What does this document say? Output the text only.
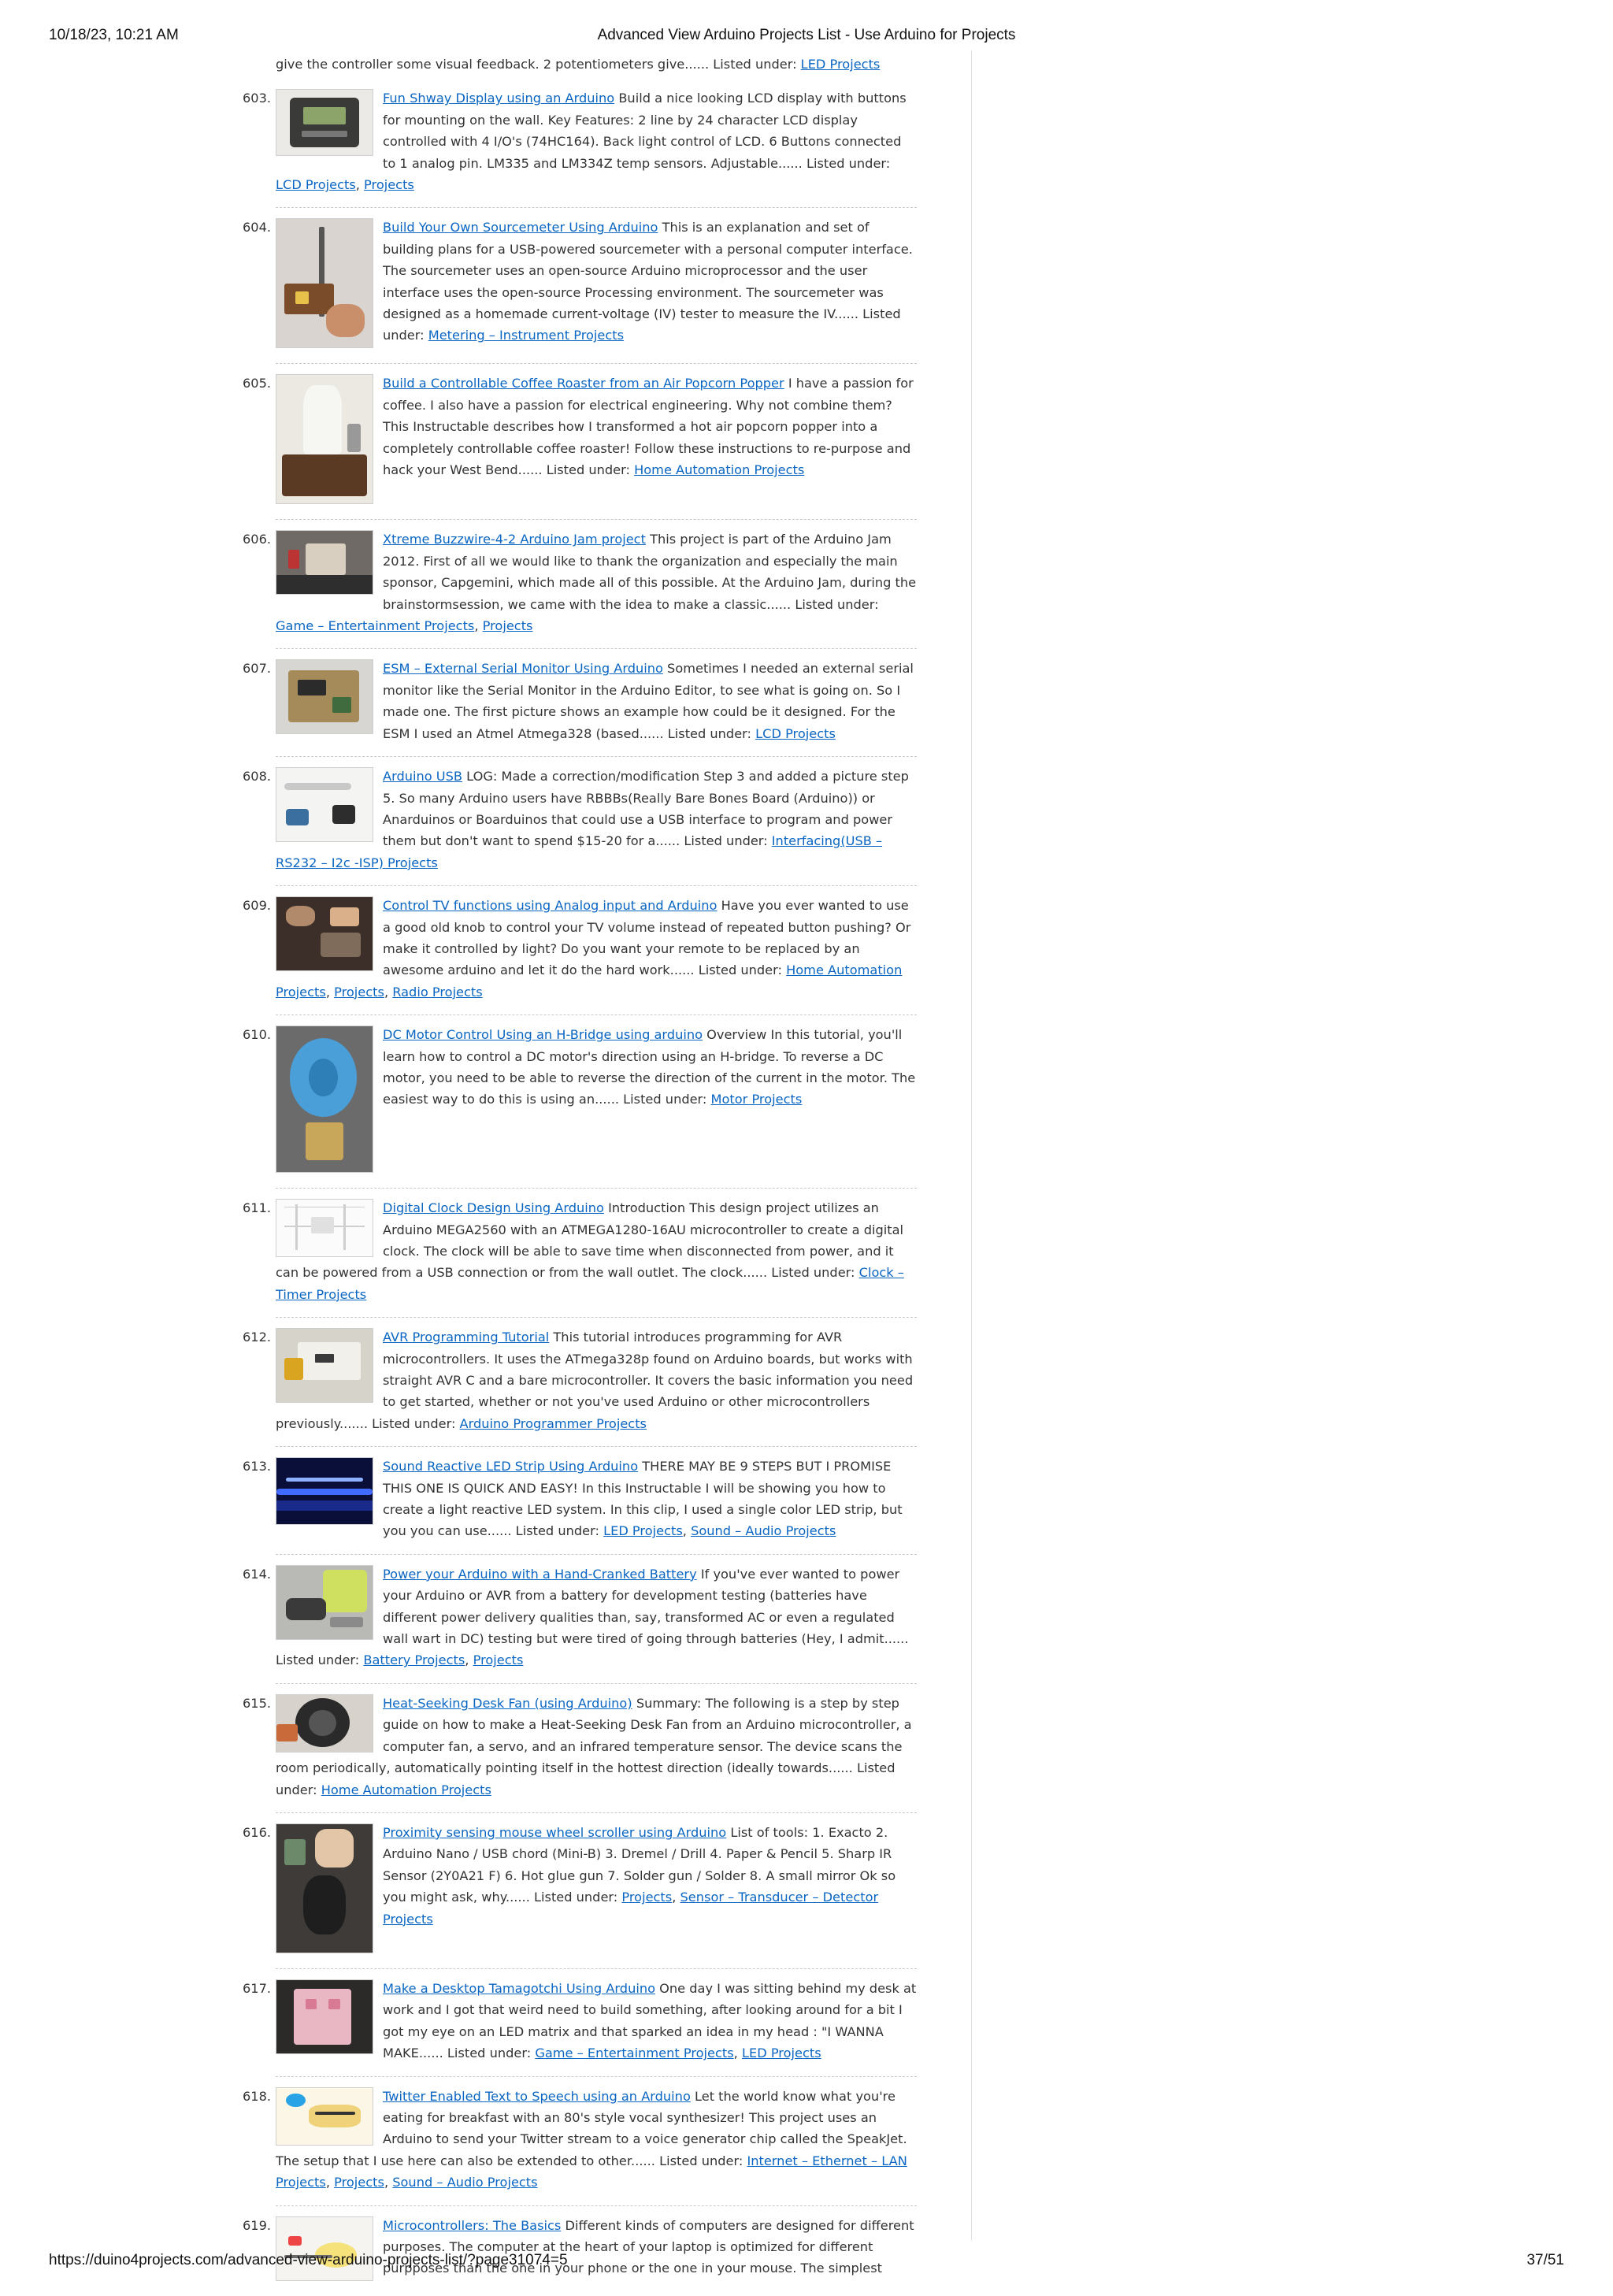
10/18/23, 10:21 AM	Advanced View Arduino Projects List - Use Arduino for Projects
give the controller some visual feedback. 2 potentiometers give...... Listed under: LED Projects
603.	Fun Shway Display using an Arduino Build a nice looking LCD display with buttons for mounting on the wall. Key Features: 2 line by 24 character LCD display controlled with 4 I/O's (74HC164). Back light control of LCD. 6 Buttons connected to 1 analog pin. LM335 and LM334Z temp sensors. Adjustable...... Listed under: LCD Projects, Projects
604.	Build Your Own Sourcemeter Using Arduino This is an explanation and set of building plans for a USB-powered sourcemeter with a personal computer interface. The sourcemeter uses an open-source Arduino microprocessor and the user interface uses the open-source Processing environment. The sourcemeter was designed as a homemade current-voltage (IV) tester to measure the IV...... Listed under: Metering – Instrument Projects
605.	Build a Controllable Coffee Roaster from an Air Popcorn Popper I have a passion for coffee. I also have a passion for electrical engineering. Why not combine them? This Instructable describes how I transformed a hot air popcorn popper into a completely controllable coffee roaster! Follow these instructions to re-purpose and hack your West Bend...... Listed under: Home Automation Projects
606.	Xtreme Buzzwire-4-2 Arduino Jam project This project is part of the Arduino Jam 2012. First of all we would like to thank the organization and especially the main sponsor, Capgemini, which made all of this possible. At the Arduino Jam, during the brainstormsession, we came with the idea to make a classic...... Listed under: Game – Entertainment Projects, Projects
607.	ESM – External Serial Monitor Using Arduino Sometimes I needed an external serial monitor like the Serial Monitor in the Arduino Editor, to see what is going on. So I made one. The first picture shows an example how could be it designed. For the ESM I used an Atmel Atmega328 (based...... Listed under: LCD Projects
608.	Arduino USB LOG: Made a correction/modification Step 3 and added a picture step 5. So many Arduino users have RBBBs(Really Bare Bones Board (Arduino)) or Anarduinos or Boarduinos that could use a USB interface to program and power them but don't want to spend $15-20 for a...... Listed under: Interfacing(USB – RS232 – I2c -ISP) Projects
609.	Control TV functions using Analog input and Arduino Have you ever wanted to use a good old knob to control your TV volume instead of repeated button pushing? Or make it controlled by light? Do you want your remote to be replaced by an awesome arduino and let it do the hard work...... Listed under: Home Automation Projects, Projects, Radio Projects
610.	DC Motor Control Using an H-Bridge using arduino Overview In this tutorial, you'll learn how to control a DC motor's direction using an H-bridge. To reverse a DC motor, you need to be able to reverse the direction of the current in the motor. The easiest way to do this is using an...... Listed under: Motor Projects
611.	Digital Clock Design Using Arduino Introduction This design project utilizes an Arduino MEGA2560 with an ATMEGA1280-16AU microcontroller to create a digital clock. The clock will be able to save time when disconnected from power, and it can be powered from a USB connection or from the wall outlet. The clock...... Listed under: Clock – Timer Projects
612.	AVR Programming Tutorial This tutorial introduces programming for AVR microcontrollers. It uses the ATmega328p found on Arduino boards, but works with straight AVR C and a bare microcontroller. It covers the basic information you need to get started, whether or not you've used Arduino or other microcontrollers previously....... Listed under: Arduino Programmer Projects
613.	Sound Reactive LED Strip Using Arduino THERE MAY BE 9 STEPS BUT I PROMISE THIS ONE IS QUICK AND EASY! In this Instructable I will be showing you how to create a light reactive LED system. In this clip, I used a single color LED strip, but you you can use...... Listed under: LED Projects, Sound – Audio Projects
614.	Power your Arduino with a Hand-Cranked Battery If you've ever wanted to power your Arduino or AVR from a battery for development testing (batteries have different power delivery qualities than, say, transformed AC or even a regulated wall wart in DC) testing but were tired of going through batteries (Hey, I admit...... Listed under: Battery Projects, Projects
615.	Heat-Seeking Desk Fan (using Arduino) Summary: The following is a step by step guide on how to make a Heat-Seeking Desk Fan from an Arduino microcontroller, a computer fan, a servo, and an infrared temperature sensor. The device scans the room periodically, automatically pointing itself in the hottest direction (ideally towards...... Listed under: Home Automation Projects
616.	Proximity sensing mouse wheel scroller using Arduino List of tools: 1. Exacto 2. Arduino Nano / USB chord (Mini-B) 3. Dremel / Drill 4. Paper & Pencil 5. Sharp IR Sensor (2Y0A21 F) 6. Hot glue gun 7. Solder gun / Solder 8. A small mirror Ok so you might ask, why...... Listed under: Projects, Sensor – Transducer – Detector Projects
617.	Make a Desktop Tamagotchi Using Arduino One day I was sitting behind my desk at work and I got that weird need to build something, after looking around for a bit I got my eye on an LED matrix and that sparked an idea in my head : "I WANNA MAKE...... Listed under: Game – Entertainment Projects, LED Projects
618.	Twitter Enabled Text to Speech using an Arduino Let the world know what you're eating for breakfast with an 80's style vocal synthesizer! This project uses an Arduino to send your Twitter stream to a voice generator chip called the SpeakJet. The setup that I use here can also be extended to other...... Listed under: Internet – Ethernet – LAN Projects, Projects, Sound – Audio Projects
619.	Microcontrollers: The Basics Different kinds of computers are designed for different purposes. The computer at the heart of your laptop is optimized for different purpposes than the one in your phone or the one in your mouse. The simplest
https://duino4projects.com/advanced-view-arduino-projects-list/?page31074=5	37/51
